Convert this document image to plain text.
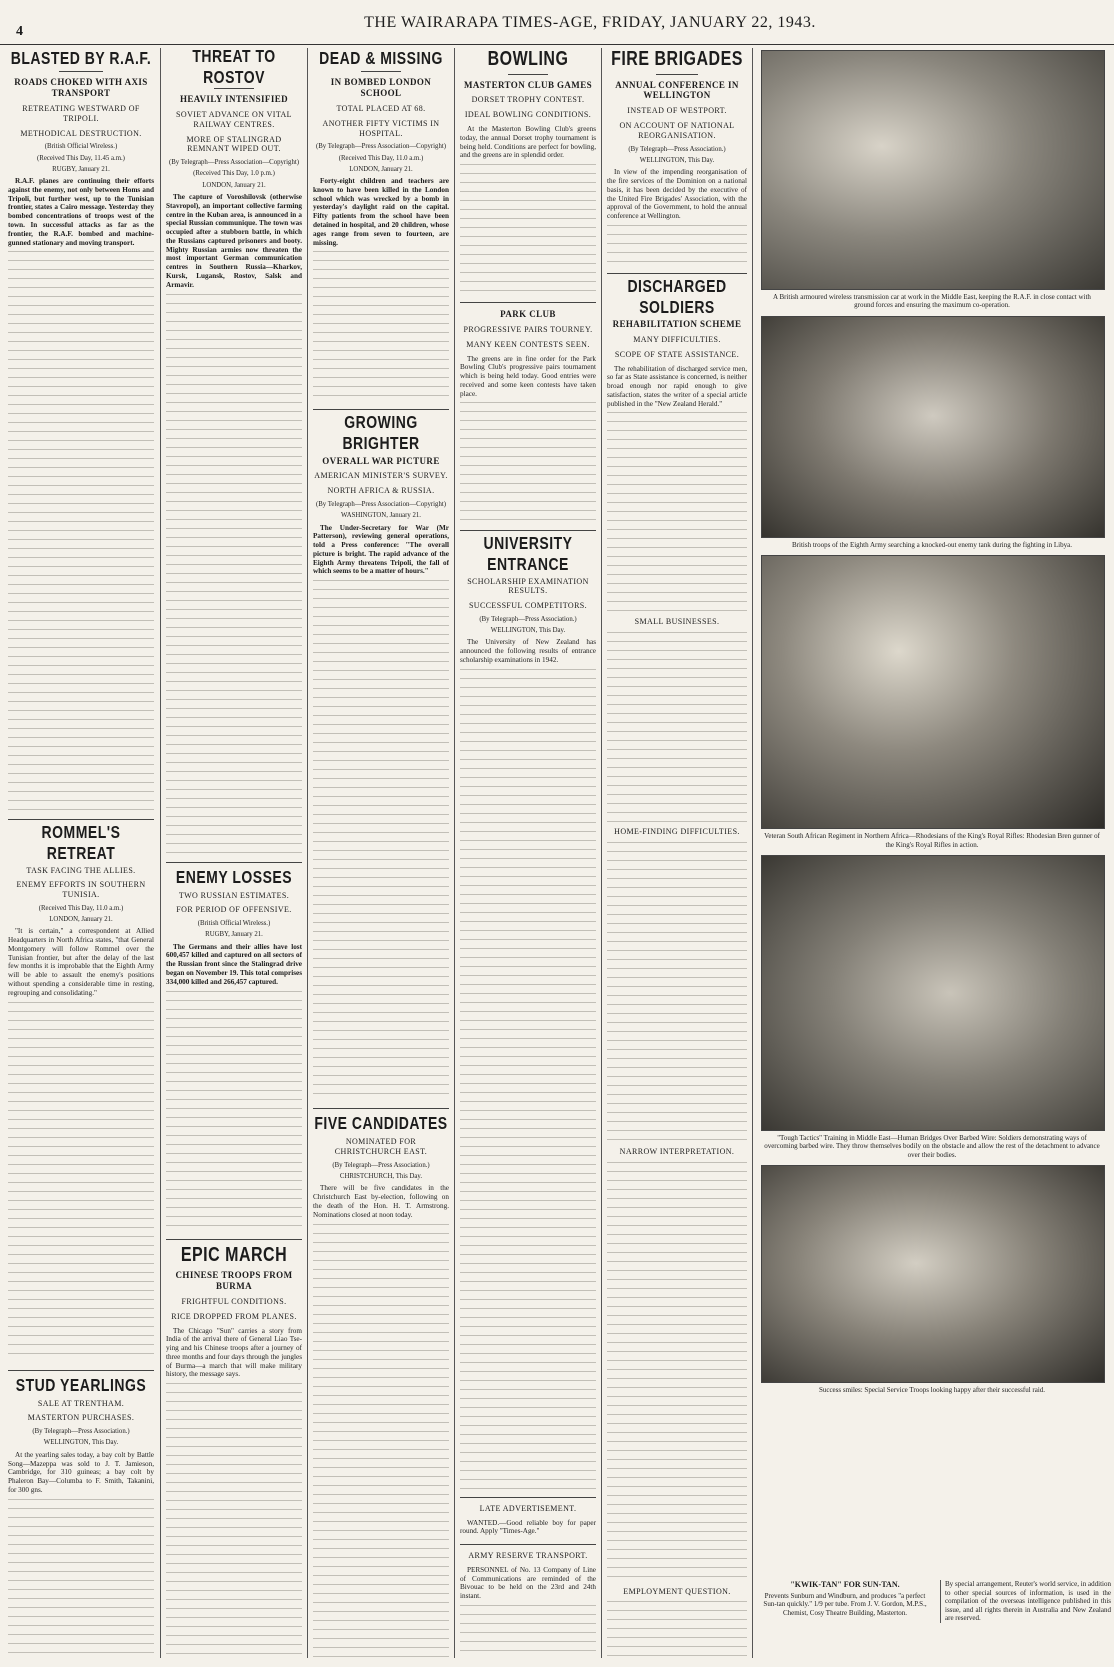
4
THE WAIRARAPA TIMES-AGE, FRIDAY, JANUARY 22, 1943.
BLASTED BY R.A.F.
ROADS CHOKED WITH AXIS TRANSPORT
RETREATING WESTWARD OF TRIPOLI.
METHODICAL DESTRUCTION.
(British Official Wireless.)
(Received This Day, 11.45 a.m.)
RUGBY, January 21.

R.A.F. planes are continuing their efforts against the enemy, not only between Homs and Tripoli, but further west, up to the Tunisian frontier, states a Cairo message. Yesterday they bombed concentrations of troops west of the town. In successful attacks as far as the frontier, the R.A.F. bombed and machine-gunned stationary and moving transport.

ROMMEL'S RETREAT
TASK FACING THE ALLIES.
ENEMY EFFORTS IN SOUTHERN TUNISIA.
(Received This Day, 11.0 a.m.)
LONDON, January 21.

"It is certain," a correspondent at Allied Headquarters in North Africa states, "that General Montgomery will follow Rommel over the Tunisian frontier, but after the delay of the last few months it is improbable that the Eighth Army will be able to assault the enemy's positions without spending a considerable time in resting, regrouping and consolidating."

STUD YEARLINGS
SALE AT TRENTHAM.
MASTERTON PURCHASES.
(By Telegraph—Press Association.)
WELLINGTON, This Day.

At the yearling sales today, a bay colt by Battle Song—Mazeppa was sold to J. T. Jamieson, Cambridge, for 310 guineas; a bay colt by Phaleron Bay—Columba to F. Smith, Takanini, for 300 gns.

THREAT TO ROSTOV
HEAVILY INTENSIFIED
SOVIET ADVANCE ON VITAL RAILWAY CENTRES.
MORE OF STALINGRAD REMNANT WIPED OUT.
(By Telegraph—Press Association—Copyright)
(Received This Day, 1.0 p.m.)
LONDON, January 21.

The capture of Voroshilovsk (otherwise Stavropol), an important collective farming centre in the Kuban area, is announced in a special Russian communique. The town was occupied after a stubborn battle, in which the Russians captured prisoners and booty. Mighty Russian armies now threaten the most important German communication centres in Southern Russia—Kharkov, Kursk, Lugansk, Rostov, Salsk and Armavir.

ENEMY LOSSES
TWO RUSSIAN ESTIMATES.
FOR PERIOD OF OFFENSIVE.
(British Official Wireless.)
RUGBY, January 21.

The Germans and their allies have lost 600,457 killed and captured on all sectors of the Russian front since the Stalingrad drive began on November 19. This total comprises 334,000 killed and 266,457 captured.

EPIC MARCH
CHINESE TROOPS FROM BURMA
FRIGHTFUL CONDITIONS.
RICE DROPPED FROM PLANES.

The Chicago "Sun" carries a story from India of the arrival there of General Liao Tse-ying and his Chinese troops after a journey of three months and four days through the jungles of Burma—a march that will make military history, the message says.

DEAD & MISSING
IN BOMBED LONDON SCHOOL
TOTAL PLACED AT 68.
ANOTHER FIFTY VICTIMS IN HOSPITAL.
(By Telegraph—Press Association—Copyright)
(Received This Day, 11.0 a.m.)
LONDON, January 21.

Forty-eight children and teachers are known to have been killed in the London school which was wrecked by a bomb in yesterday's daylight raid on the capital. Fifty patients from the school have been detained in hospital, and 20 children, whose ages range from seven to fourteen, are missing.

GROWING BRIGHTER
OVERALL WAR PICTURE
AMERICAN MINISTER'S SURVEY.
NORTH AFRICA & RUSSIA.
(By Telegraph—Press Association—Copyright)
WASHINGTON, January 21.

The Under-Secretary for War (Mr Patterson), reviewing general operations, told a Press conference: "The overall picture is bright. The rapid advance of the Eighth Army threatens Tripoli, the fall of which seems to be a matter of hours."

FIVE CANDIDATES
NOMINATED FOR CHRISTCHURCH EAST.
(By Telegraph—Press Association.)
CHRISTCHURCH, This Day.

There will be five candidates in the Christchurch East by-election, following on the death of the Hon. H. T. Armstrong. Nominations closed at noon today.

BOWLING
MASTERTON CLUB GAMES
DORSET TROPHY CONTEST.
IDEAL BOWLING CONDITIONS.

At the Masterton Bowling Club's greens today, the annual Dorset trophy tournament is being held. Conditions are perfect for bowling, and the greens are in splendid order.

PARK CLUB
PROGRESSIVE PAIRS TOURNEY.
MANY KEEN CONTESTS SEEN.

The greens are in fine order for the Park Bowling Club's progressive pairs tournament which is being held today. Good entries were received and some keen contests have taken place.

UNIVERSITY ENTRANCE
SCHOLARSHIP EXAMINATION RESULTS.
SUCCESSFUL COMPETITORS.
(By Telegraph—Press Association.)
WELLINGTON, This Day.

The University of New Zealand has announced the following results of entrance scholarship examinations in 1942.

LATE ADVERTISEMENT.

WANTED.—Good reliable boy for paper round. Apply "Times-Age."

ARMY RESERVE TRANSPORT.

PERSONNEL of No. 13 Company of Line of Communications are reminded of the Bivouac to be held on the 23rd and 24th instant.

FIRE BRIGADES
ANNUAL CONFERENCE IN WELLINGTON
INSTEAD OF WESTPORT.
ON ACCOUNT OF NATIONAL REORGANISATION.
(By Telegraph—Press Association.)
WELLINGTON, This Day.

In view of the impending reorganisation of the fire services of the Dominion on a national basis, it has been decided by the executive of the United Fire Brigades' Association, with the approval of the Government, to hold the annual conference at Wellington.

DISCHARGED SOLDIERS
REHABILITATION SCHEME
MANY DIFFICULTIES.
SCOPE OF STATE ASSISTANCE.

The rehabilitation of discharged service men, so far as State assistance is concerned, is neither broad enough nor rapid enough to give satisfaction, states the writer of a special article published in the "New Zealand Herald."

SMALL BUSINESSES.
HOME-FINDING DIFFICULTIES.
NARROW INTERPRETATION.
EMPLOYMENT QUESTION.
A British armoured wireless transmission car at work in the Middle East, keeping the R.A.F. in close contact with ground forces and ensuring the maximum co-operation.
British troops of the Eighth Army searching a knocked-out enemy tank during the fighting in Libya.
Veteran South African Regiment in Northern Africa—Rhodesians of the King's Royal Rifles: Rhodesian Bren gunner of the King's Royal Rifles in action.
"Tough Tactics" Training in Middle East—Human Bridges Over Barbed Wire: Soldiers demonstrating ways of overcoming barbed wire. They throw themselves bodily on the obstacle and allow the rest of the detachment to advance over their bodies.
Success smiles: Special Service Troops looking happy after their successful raid.
"KWIK-TAN" FOR SUN-TAN.
Prevents Sunburn and Windburn, and produces "a perfect Sun-tan quickly." 1/9 per tube. From J. V. Gordon, M.P.S., Chemist, Cosy Theatre Building, Masterton.
By special arrangement, Reuter's world service, in addition to other special sources of information, is used in the compilation of the overseas intelligence published in this issue, and all rights therein in Australia and New Zealand are reserved.
